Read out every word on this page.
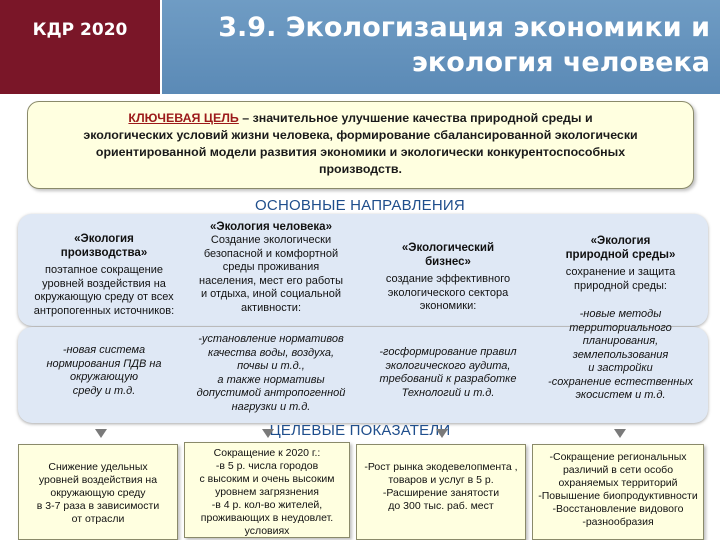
КДР 2020	3.9. Экологизация экономики и
экология человека
КЛЮЧЕВАЯ ЦЕЛЬ – значительное улучшение качества природной среды и
экологических условий жизни человека, формирование сбалансированной экологически
ориентированной модели развития экономики и экологически конкурентоспособных
производств.
ОСНОВНЫЕ НАПРАВЛЕНИЯ
«Экология
производства»
поэтапное сокращение
уровней воздействия на
окружающую среду от всех
антропогенных источников:
-новая система
нормирования ПДВ на
окружающую
среду и т.д.
«Экология человека»
Создание экологически
безопасной и комфортной
среды проживания
населения, мест его работы
и отдыха, иной социальной
активности:
-установление нормативов
качества воды, воздуха,
почвы и т.д.,
а также нормативы
допустимой антропогенной
нагрузки и т.д.
«Экологический
бизнес»
создание эффективного
экологического сектора
экономики:
-госформирование правил
экологического аудита,
требований к разработке
Технологий и т.д.
«Экология
природной среды»
сохранение и защита
природной среды:
-новые методы
территориального
планирования,
землепользования
и застройки
-сохранение естественных
экосистем и т.д.
ЦЕЛЕВЫЕ ПОКАЗАТЕЛИ
Снижение удельных
уровней воздействия на
окружающую среду
в 3-7 раза в зависимости
от отрасли
Сокращение к 2020 г.:
-в 5 р. числа городов
с высоким и очень высоким
уровнем загрязнения
-в 4 р. кол-во жителей,
проживающих в неудовлет.
условиях
-Рост рынка экодевелопмента ,
товаров и услуг в 5 р.
-Расширение занятости
до 300 тыс. раб. мест
-Сокращение региональных
различий в сети особо
охраняемых территорий
-Повышение биопродуктивности
-Восстановление видового
-разнообразия
